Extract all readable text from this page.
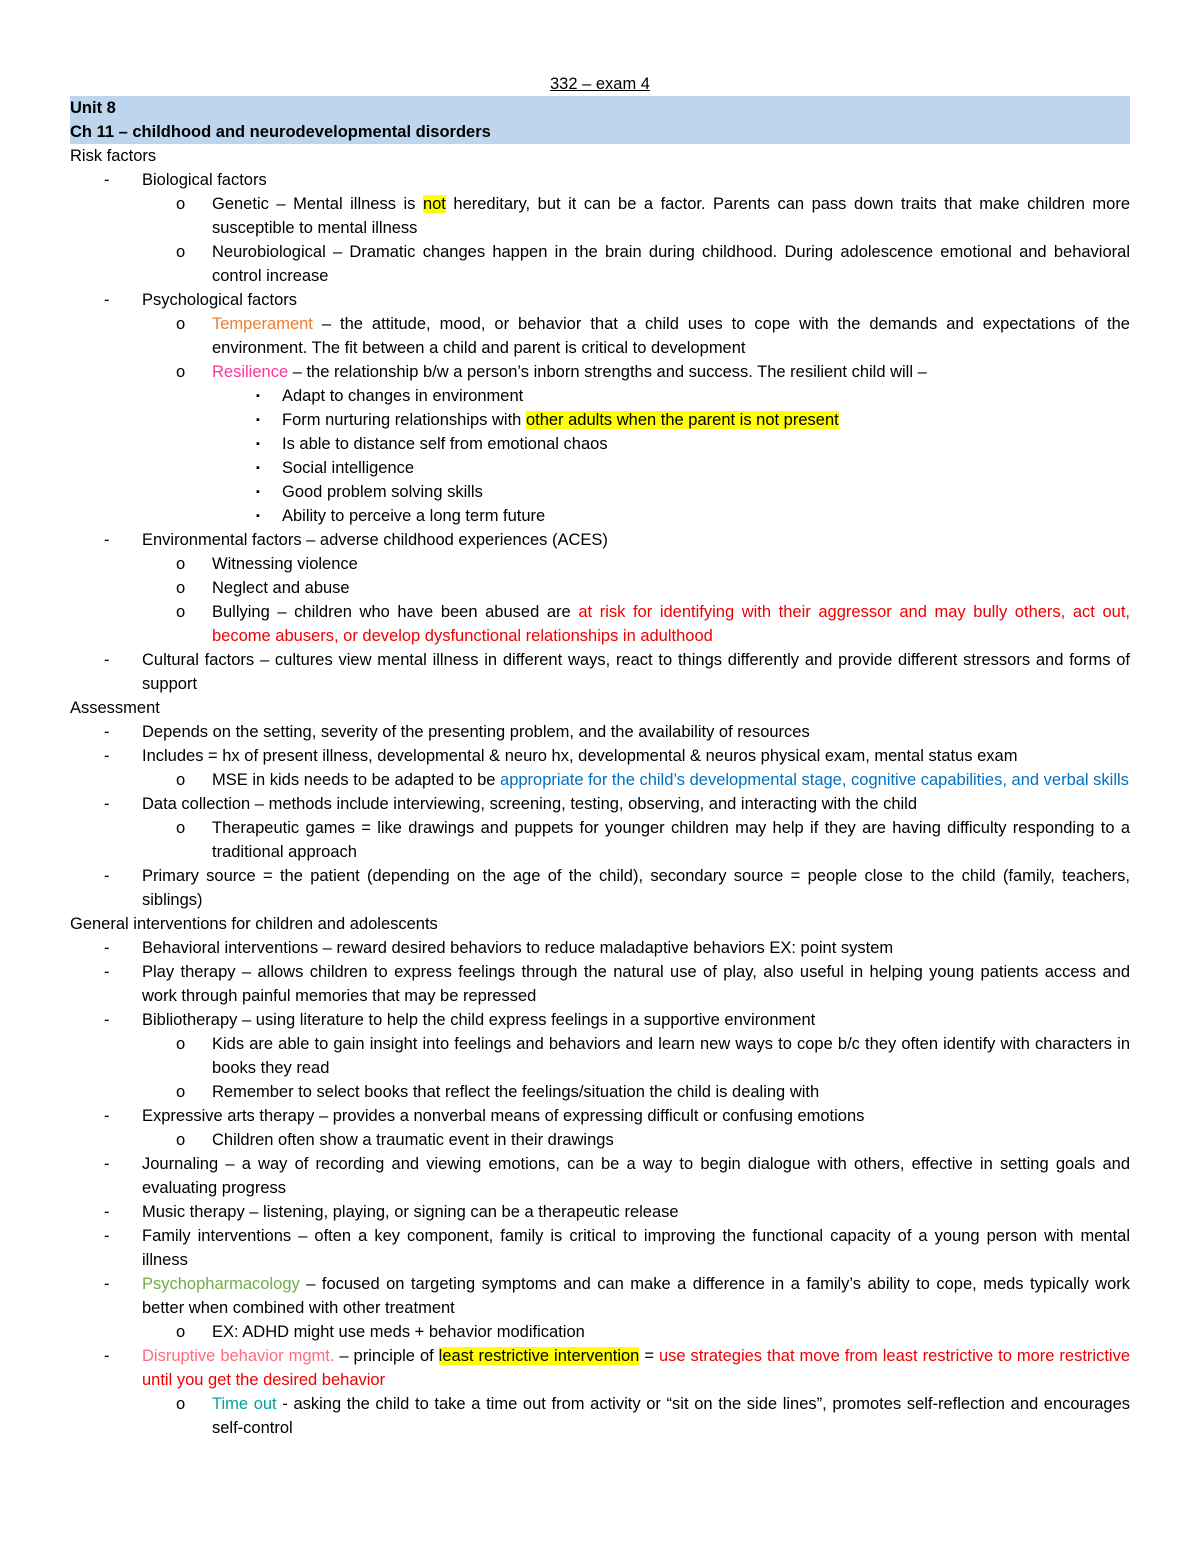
332 – exam 4
Unit 8
Ch 11 – childhood and neurodevelopmental disorders
Risk factors
- Biological factors
o Genetic – Mental illness is not hereditary, but it can be a factor. Parents can pass down traits that make children more susceptible to mental illness
o Neurobiological – Dramatic changes happen in the brain during childhood. During adolescence emotional and behavioral control increase
- Psychological factors
o Temperament – the attitude, mood, or behavior that a child uses to cope with the demands and expectations of the environment. The fit between a child and parent is critical to development
o Resilience – the relationship b/w a person’s inborn strengths and success. The resilient child will –
▪ Adapt to changes in environment
▪ Form nurturing relationships with other adults when the parent is not present
▪ Is able to distance self from emotional chaos
▪ Social intelligence
▪ Good problem solving skills
▪ Ability to perceive a long term future
- Environmental factors – adverse childhood experiences (ACES)
o Witnessing violence
o Neglect and abuse
o Bullying – children who have been abused are at risk for identifying with their aggressor and may bully others, act out, become abusers, or develop dysfunctional relationships in adulthood
- Cultural factors – cultures view mental illness in different ways, react to things differently and provide different stressors and forms of support
Assessment
- Depends on the setting, severity of the presenting problem, and the availability of resources
- Includes = hx of present illness, developmental & neuro hx, developmental & neuros physical exam, mental status exam
o MSE in kids needs to be adapted to be appropriate for the child’s developmental stage, cognitive capabilities, and verbal skills
- Data collection – methods include interviewing, screening, testing, observing, and interacting with the child
o Therapeutic games = like drawings and puppets for younger children may help if they are having difficulty responding to a traditional approach
- Primary source = the patient (depending on the age of the child), secondary source = people close to the child (family, teachers, siblings)
General interventions for children and adolescents
- Behavioral interventions – reward desired behaviors to reduce maladaptive behaviors EX: point system
- Play therapy – allows children to express feelings through the natural use of play, also useful in helping young patients access and work through painful memories that may be repressed
- Bibliotherapy – using literature to help the child express feelings in a supportive environment
o Kids are able to gain insight into feelings and behaviors and learn new ways to cope b/c they often identify with characters in books they read
o Remember to select books that reflect the feelings/situation the child is dealing with
- Expressive arts therapy – provides a nonverbal means of expressing difficult or confusing emotions
o Children often show a traumatic event in their drawings
- Journaling – a way of recording and viewing emotions, can be a way to begin dialogue with others, effective in setting goals and evaluating progress
- Music therapy – listening, playing, or signing can be a therapeutic release
- Family interventions – often a key component, family is critical to improving the functional capacity of a young person with mental illness
- Psychopharmacology – focused on targeting symptoms and can make a difference in a family’s ability to cope, meds typically work better when combined with other treatment
o EX: ADHD might use meds + behavior modification
- Disruptive behavior mgmt. – principle of least restrictive intervention = use strategies that move from least restrictive to more restrictive until you get the desired behavior
o Time out - asking the child to take a time out from activity or “sit on the side lines”, promotes self-reflection and encourages self-control
